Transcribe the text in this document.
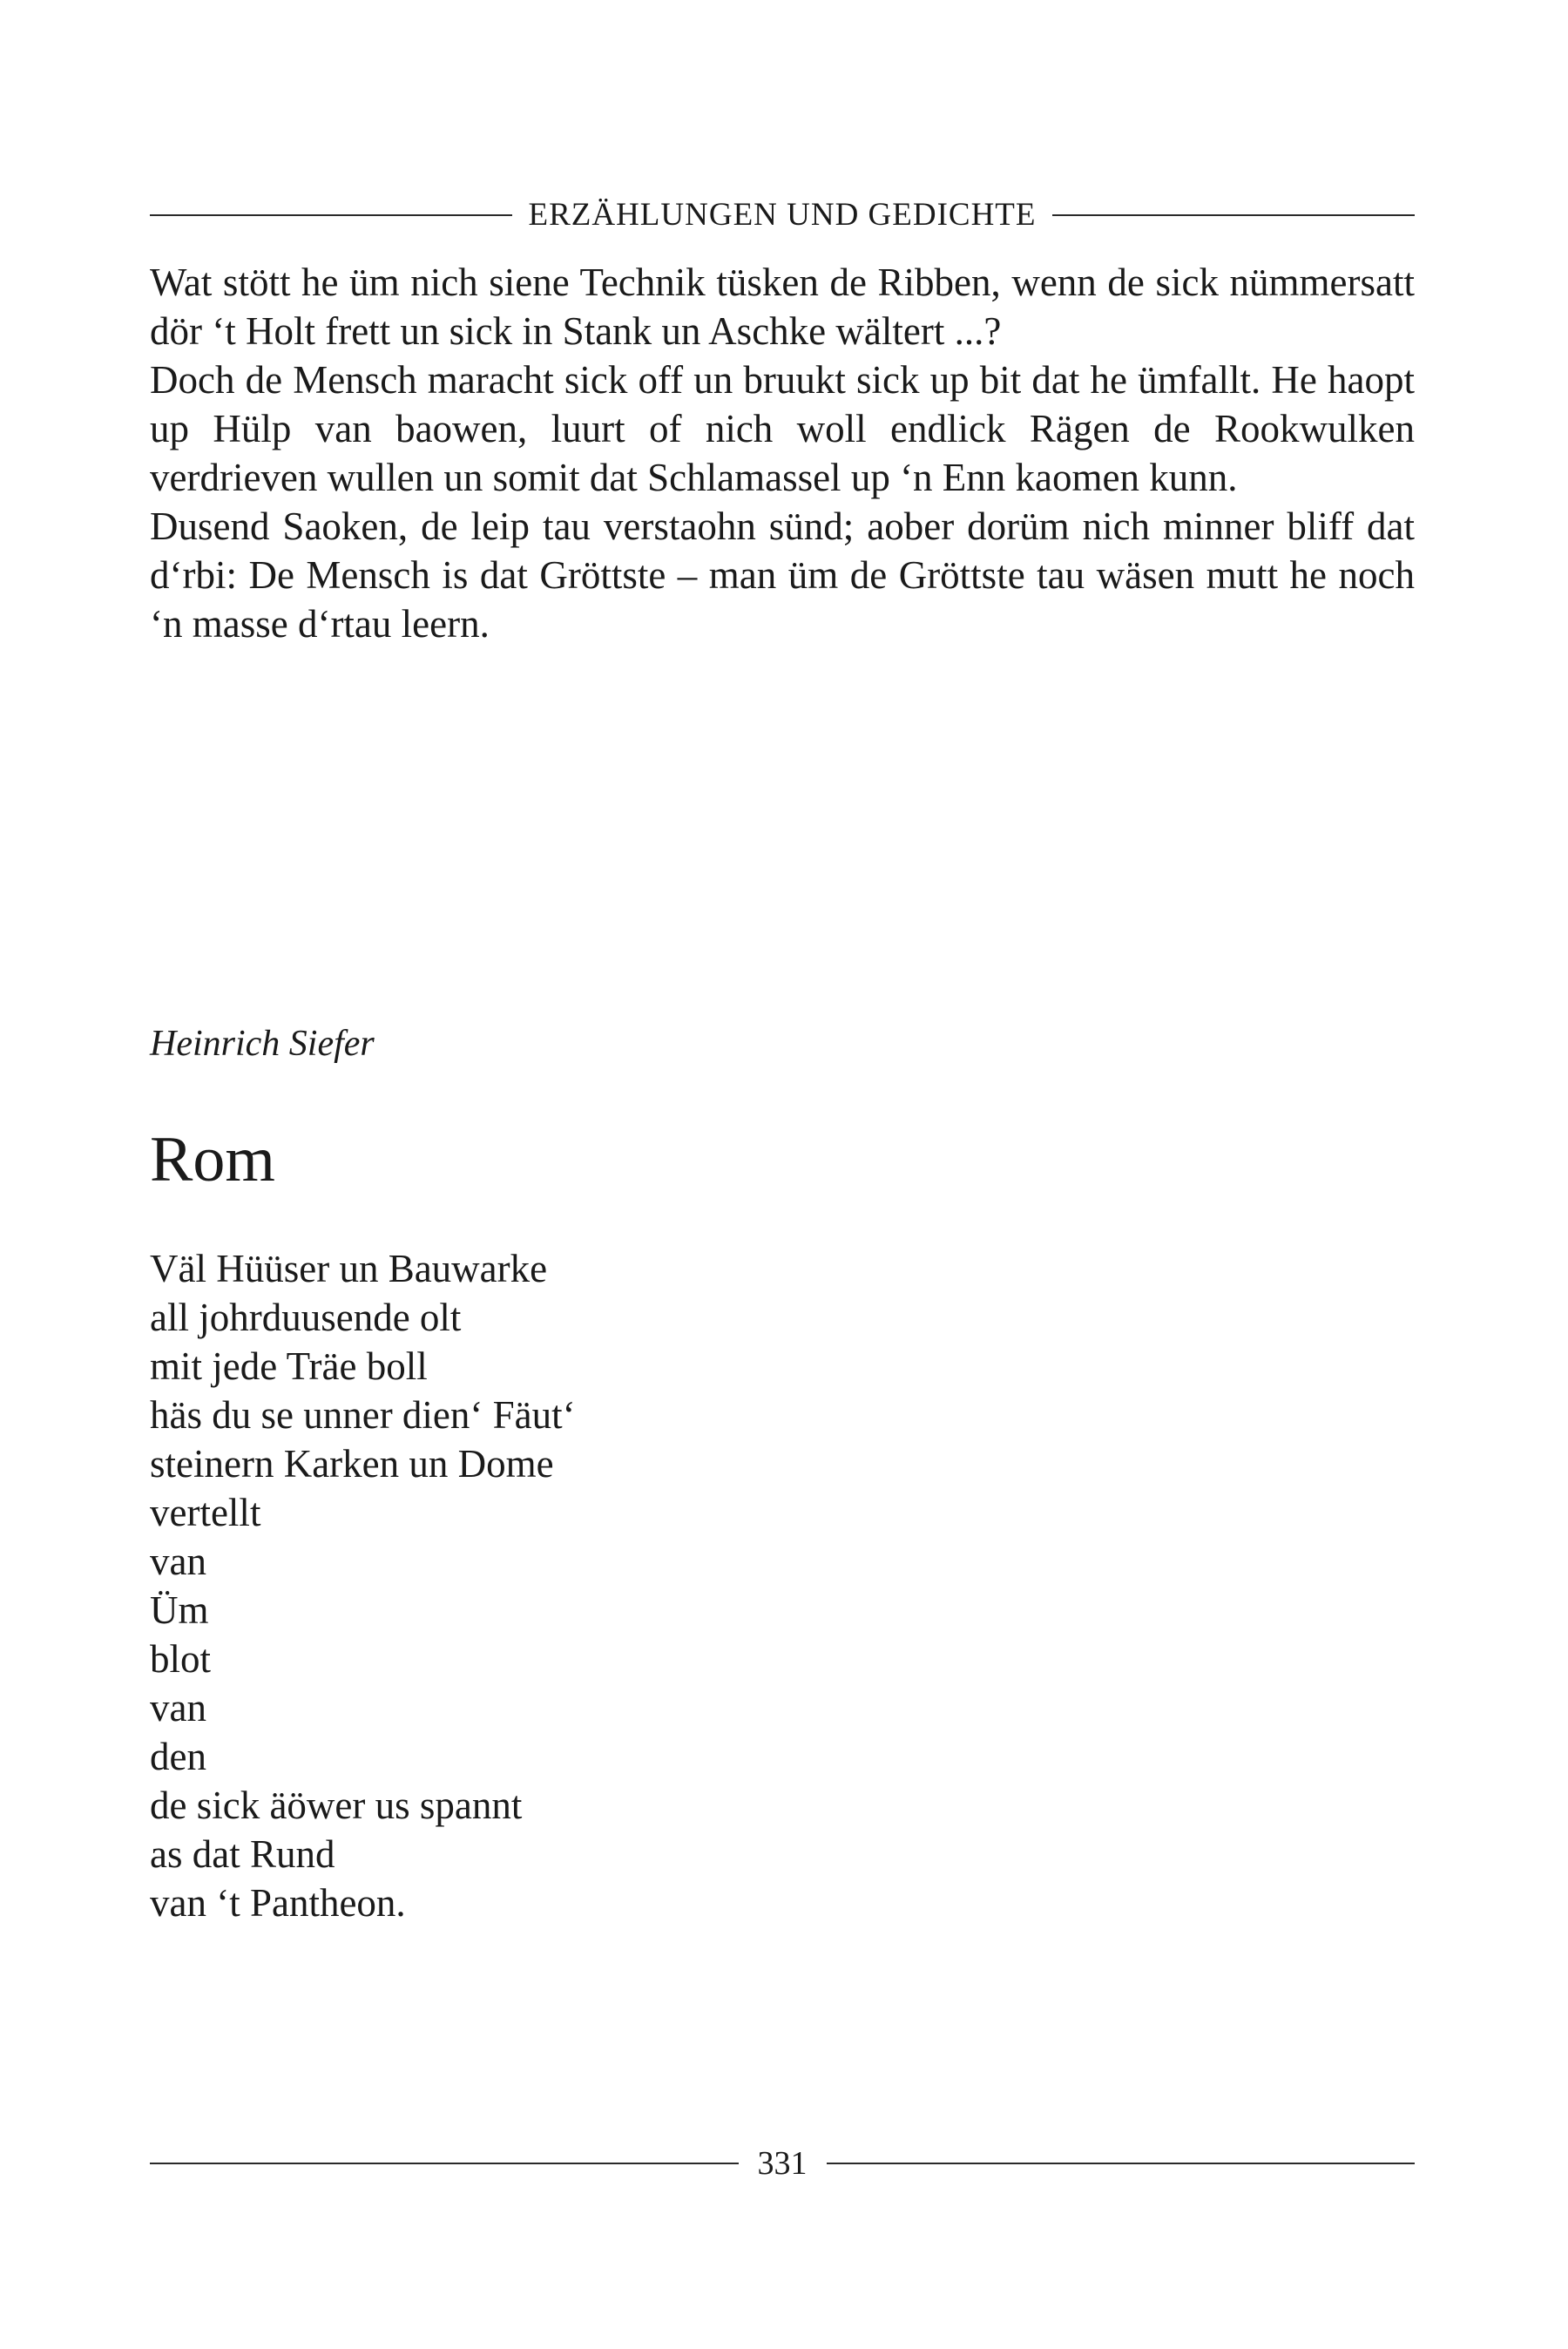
ERZÄHLUNGEN UND GEDICHTE

Wat stött he üm nich siene Technik tüsken de Ribben, wenn de sick nümmersatt dör ‘t Holt frett un sick in Stank un Aschke wältert ...?

Doch de Mensch maracht sick off un bruukt sick up bit dat he ümfallt. He haopt up Hülp van baowen, luurt of nich woll endlick Rägen de Rookwulken verdrieven wullen un somit dat Schlamassel up ‘n Enn kaomen kunn.

Dusend Saoken, de leip tau verstaohn sünd; aober dorüm nich minner bliff dat d‘rbi: De Mensch is dat Gröttste – man üm de Gröttste tau wäsen mutt he noch ‘n masse d‘rtau leern.

Heinrich Siefer
Rom
Väl Hüüser un Bauwarke
all johrduusende olt
mit jede Träe boll
häs du se unner dien‘ Fäut‘
steinern Karken un Dome
vertellt
van
Üm
blot
van
den
de sick äöwer us spannt
as dat Rund
van ‘t Pantheon.
331
